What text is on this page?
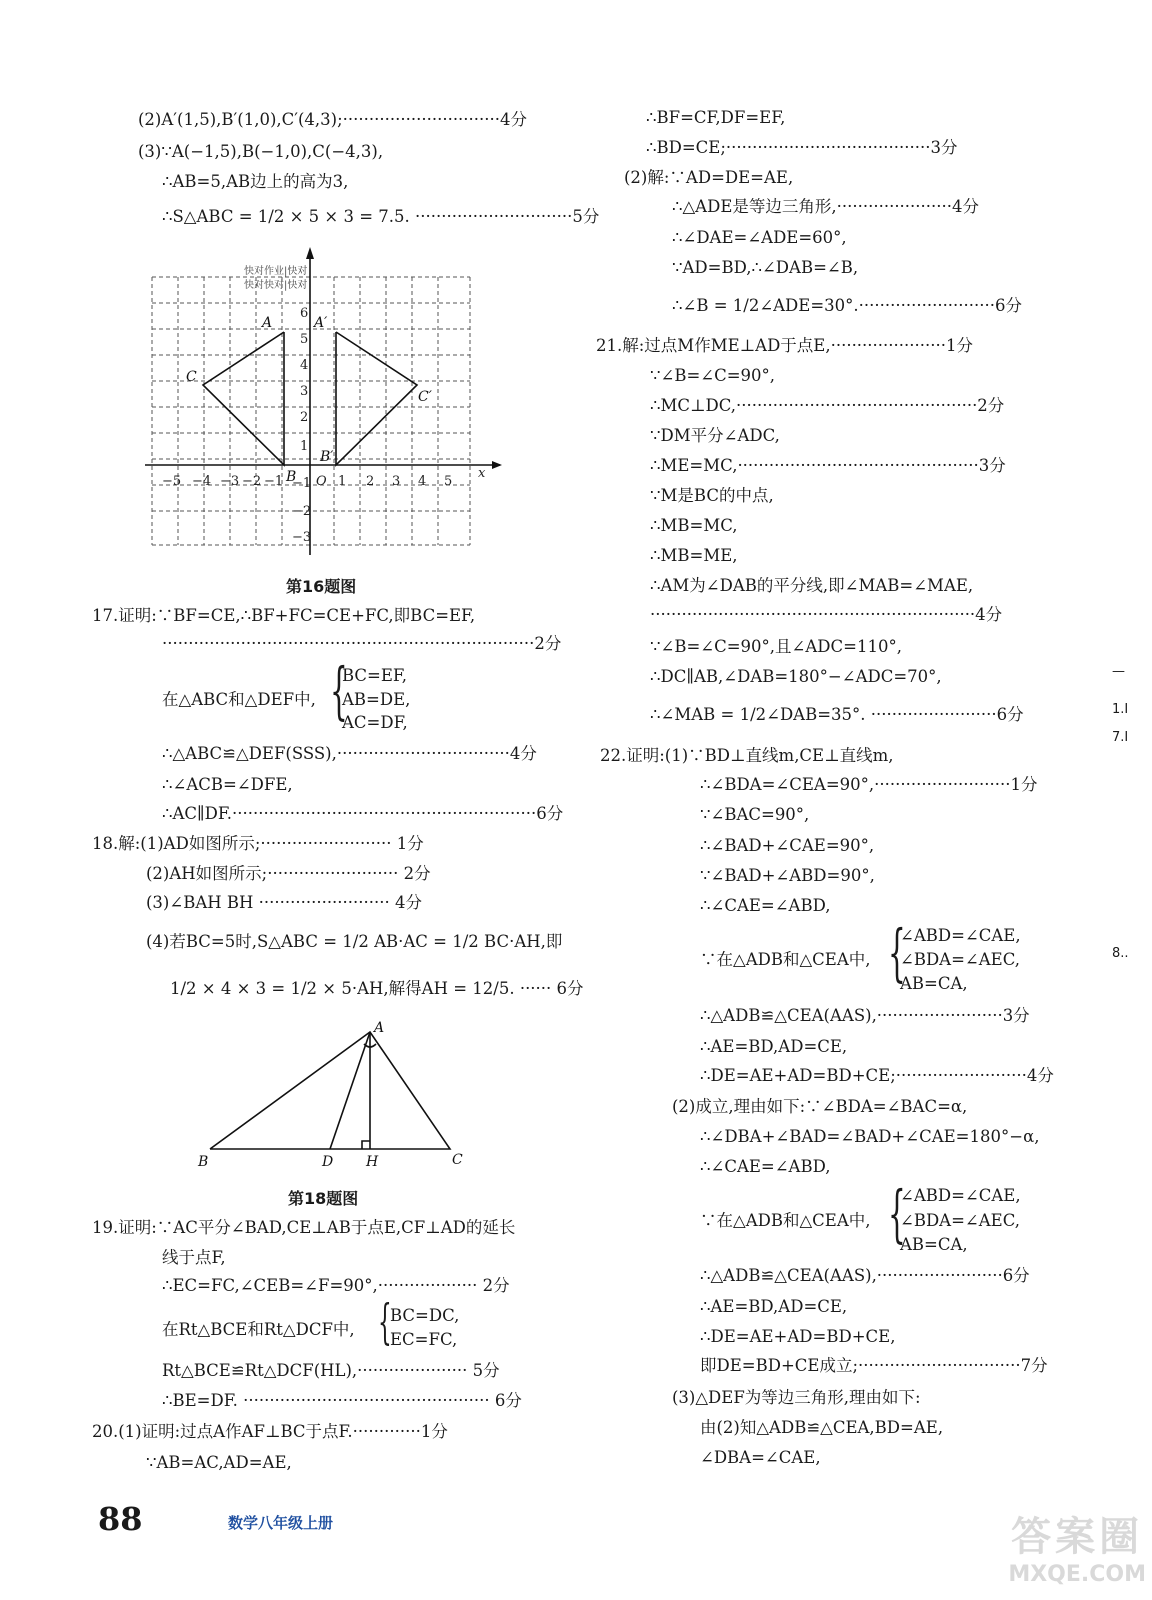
(2)A′(1,5),B′(1,0),C′(4,3);······························4分
(3)∵A(−1,5),B(−1,0),C(−4,3),
∴AB=5,AB边上的高为3,
∴S△ABC = 1/2 × 5 × 3 = 7.5. ······························5分
−5 −4 −3 −2 −1	O 1 2 3 4 5
x
6
5
4
3
2
1
−1
−2
−3
A
B
C
A′
B′
C′
快对作业|快对
快对快对|快对
第16题图
17.证明:∵BF=CE,∴BF+FC=CE+FC,即BC=EF,
·······································································2分
在△ABC和△DEF中, {
BC=EF,
AB=DE,
AC=DF,
∴△ABC≌△DEF(SSS),·································4分
∴∠ACB=∠DFE,
∴AC∥DF.··························································6分
18.解:(1)AD如图所示;························· 1分
(2)AH如图所示;························· 2分
(3)∠BAH BH ························· 4分
(4)若BC=5时,S△ABC = 1/2 AB·AC = 1/2 BC·AH,即
1/2 × 4 × 3 = 1/2 × 5·AH,解得AH = 12/5. ······ 6分
A
B	D H	C
第18题图
19.证明:∵AC平分∠BAD,CE⊥AB于点E,CF⊥AD的延长
线于点F,
∴EC=FC,∠CEB=∠F=90°,··················· 2分
在Rt△BCE和Rt△DCF中, {
BC=DC,
EC=FC,
Rt△BCE≌Rt△DCF(HL),····················· 5分
∴BE=DF. ··············································· 6分
20.(1)证明:过点A作AF⊥BC于点F.·············1分
∵AB=AC,AD=AE,
∴BF=CF,DF=EF,
∴BD=CE;·······································3分
(2)解:∵AD=DE=AE,
∴△ADE是等边三角形,······················4分
∴∠DAE=∠ADE=60°,
∵AD=BD,∴∠DAB=∠B,
∴∠B = 1/2∠ADE=30°.··························6分
21.解:过点M作ME⊥AD于点E,······················1分
∵∠B=∠C=90°,
∴MC⊥DC,··············································2分
∵DM平分∠ADC,
∴ME=MC,··············································3分
∵M是BC的中点,
∴MB=MC,
∴MB=ME,
∴AM为∠DAB的平分线,即∠MAB=∠MAE,
······························································4分
∵∠B=∠C=90°,且∠ADC=110°,
∴DC∥AB,∠DAB=180°−∠ADC=70°,
∴∠MAB = 1/2∠DAB=35°. ························6分
22.证明:(1)∵BD⊥直线m,CE⊥直线m,
∴∠BDA=∠CEA=90°,··························1分
∵∠BAC=90°,
∴∠BAD+∠CAE=90°,
∵∠BAD+∠ABD=90°,
∴∠CAE=∠ABD,
∵在△ADB和△CEA中, {
∠ABD=∠CAE,
∠BDA=∠AEC,
AB=CA,
∴△ADB≌△CEA(AAS),························3分
∴AE=BD,AD=CE,
∴DE=AE+AD=BD+CE;·························4分
(2)成立,理由如下:∵∠BDA=∠BAC=α,
∴∠DBA+∠BAD=∠BAD+∠CAE=180°−α,
∴∠CAE=∠ABD,
∵在△ADB和△CEA中, {
∠ABD=∠CAE,
∠BDA=∠AEC,
AB=CA,
∴△ADB≌△CEA(AAS),························6分
∴AE=BD,AD=CE,
∴DE=AE+AD=BD+CE,
即DE=BD+CE成立;·······························7分
(3)△DEF为等边三角形,理由如下:
由(2)知△ADB≌△CEA,BD=AE,
∠DBA=∠CAE,
—
1.I
7.I
8..
88	数学八年级上册	答案圈
MXQE.COM
